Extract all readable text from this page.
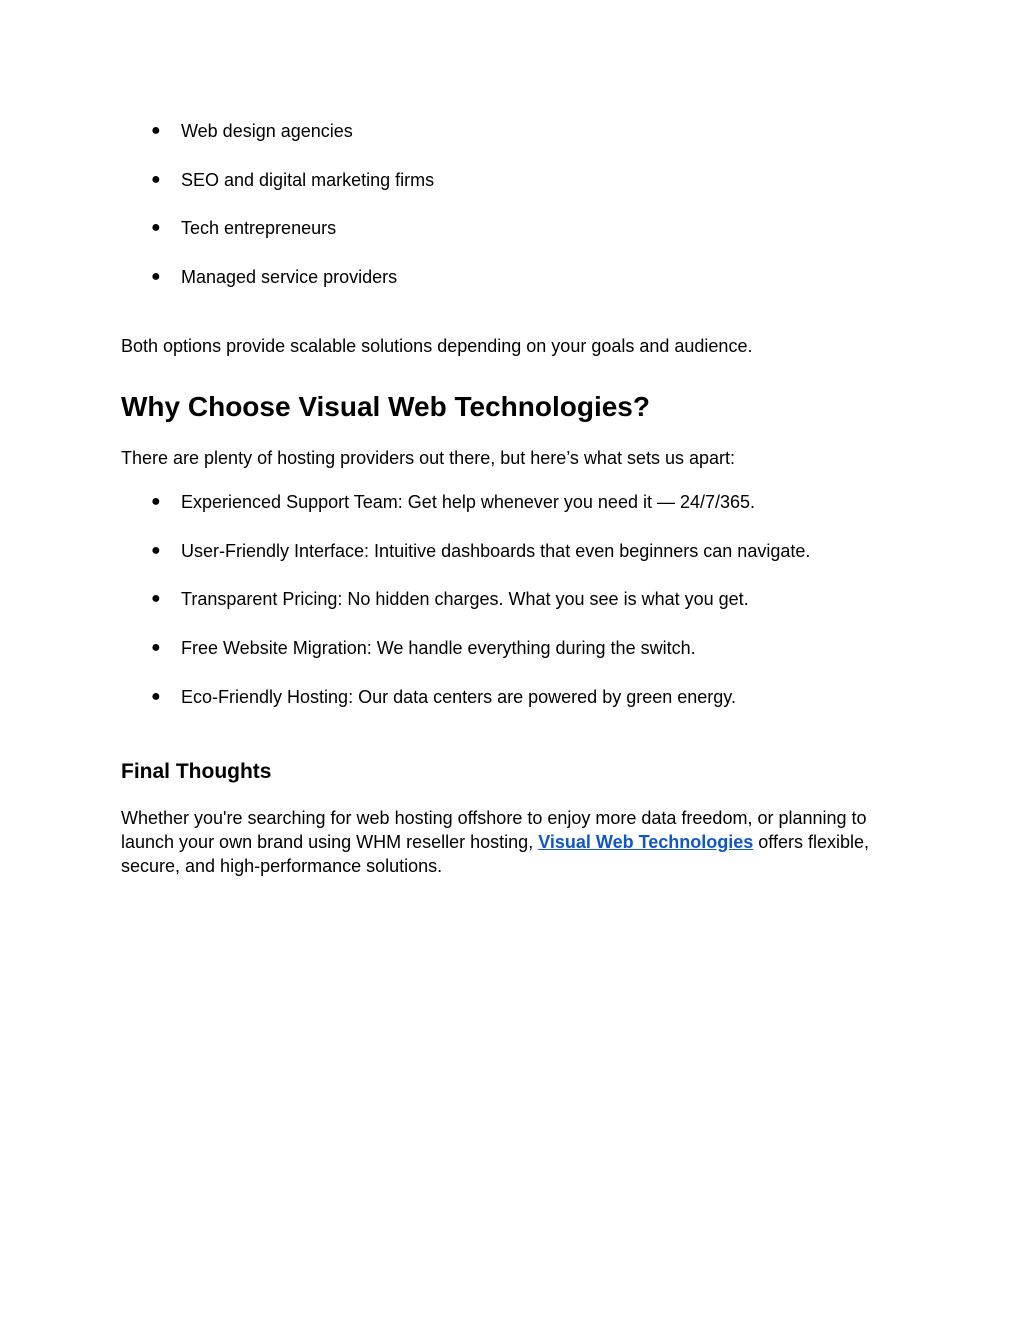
● Web design agencies
● SEO and digital marketing firms
● Tech entrepreneurs
● Managed service providers

Both options provide scalable solutions depending on your goals and audience.

Why Choose Visual Web Technologies?

There are plenty of hosting providers out there, but here’s what sets us apart:

● Experienced Support Team: Get help whenever you need it — 24/7/365.
● User-Friendly Interface: Intuitive dashboards that even beginners can navigate.
● Transparent Pricing: No hidden charges. What you see is what you get.
● Free Website Migration: We handle everything during the switch.
● Eco-Friendly Hosting: Our data centers are powered by green energy.
Final Thoughts
Whether you're searching for web hosting offshore to enjoy more data freedom, or planning to
launch your own brand using WHM reseller hosting, Visual Web Technologies offers flexible,
secure, and high-performance solutions.
